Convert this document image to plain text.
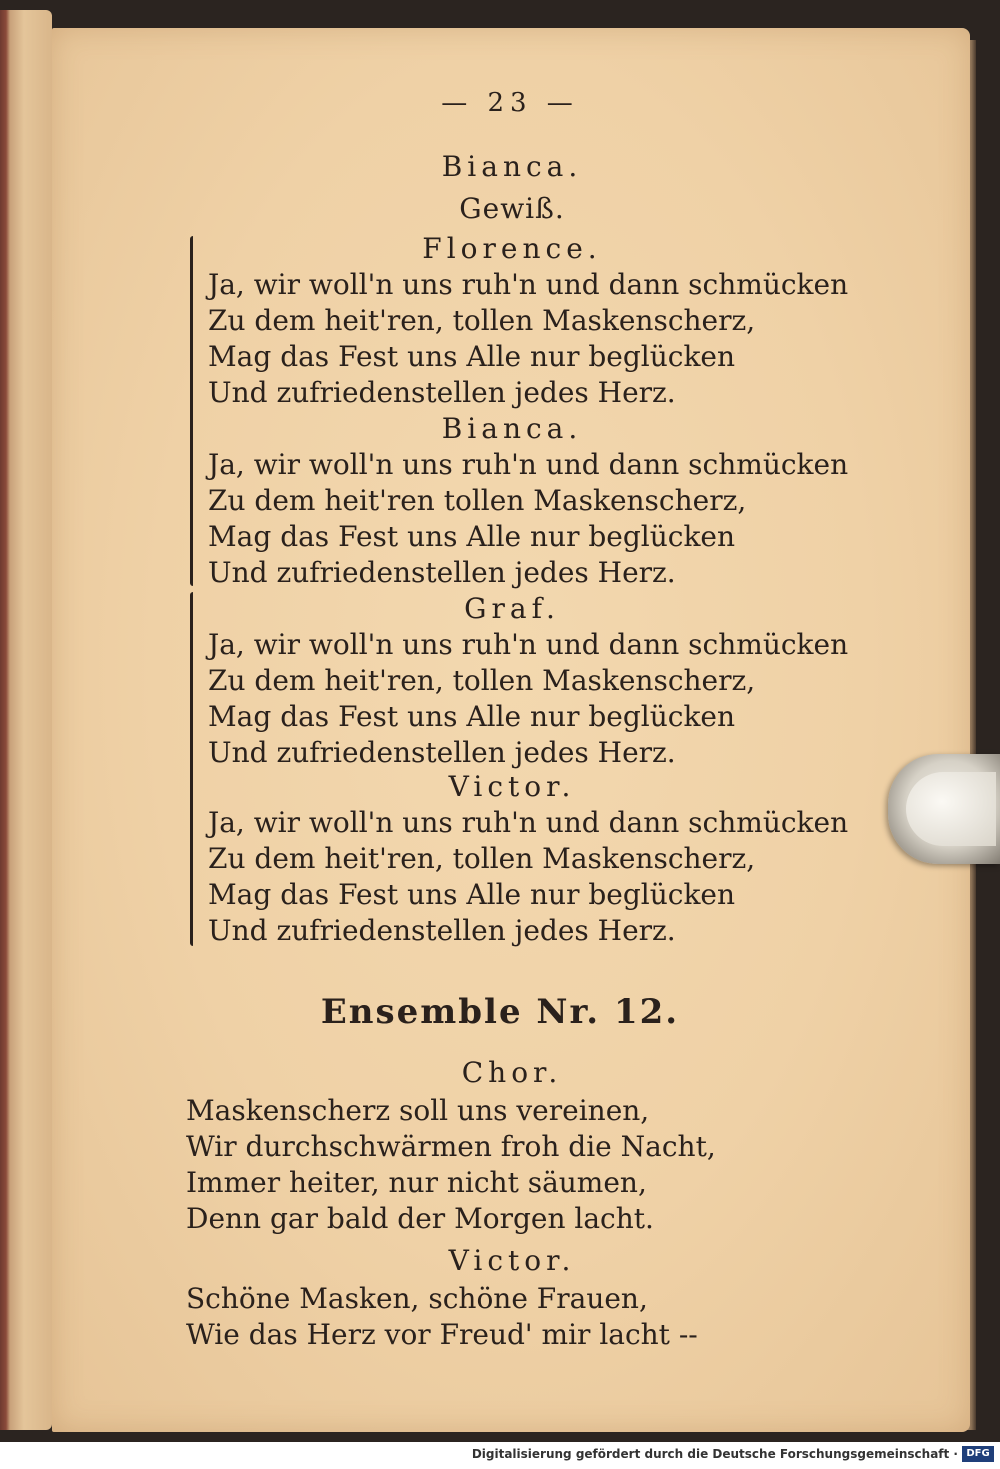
— 23 —
Bianca.
Gewiß.
Florence.
Ja, wir woll'n uns ruh'n und dann schmücken
Zu dem heit'ren, tollen Maskenscherz,
Mag das Fest uns Alle nur beglücken
Und zufriedenstellen jedes Herz.
Bianca.
Ja, wir woll'n uns ruh'n und dann schmücken
Zu dem heit'ren tollen Maskenscherz,
Mag das Fest uns Alle nur beglücken
Und zufriedenstellen jedes Herz.
Graf.
Ja, wir woll'n uns ruh'n und dann schmücken
Zu dem heit'ren, tollen Maskenscherz,
Mag das Fest uns Alle nur beglücken
Und zufriedenstellen jedes Herz.
Victor.
Ja, wir woll'n uns ruh'n und dann schmücken
Zu dem heit'ren, tollen Maskenscherz,
Mag das Fest uns Alle nur beglücken
Und zufriedenstellen jedes Herz.
Ensemble Nr. 12.
Chor.
Maskenscherz soll uns vereinen,
Wir durchschwärmen froh die Nacht,
Immer heiter, nur nicht säumen,
Denn gar bald der Morgen lacht.
Victor.
Schöne Masken, schöne Frauen,
Wie das Herz vor Freud' mir lacht --
Digitalisierung gefördert durch die Deutsche Forschungsgemeinschaft · DFG
